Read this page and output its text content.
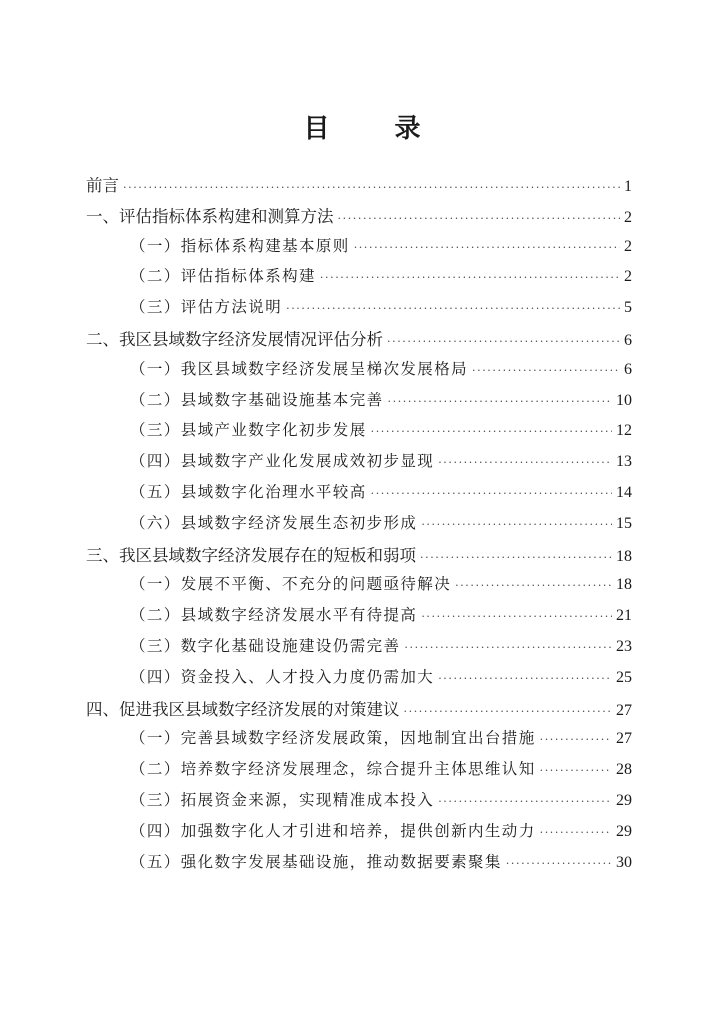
目 录
前言 ·····	1
一、评估指标体系构建和测算方法 ·····	2
（一）指标体系构建基本原则 ·····	2
（二）评估指标体系构建 ·····	2
（三）评估方法说明 ·····	5
二、我区县域数字经济发展情况评估分析 ·····	6
（一）我区县域数字经济发展呈梯次发展格局 ·····	6
（二）县域数字基础设施基本完善 ·····	10
（三）县域产业数字化初步发展 ·····	12
（四）县域数字产业化发展成效初步显现 ·····	13
（五）县域数字化治理水平较高 ·····	14
（六）县域数字经济发展生态初步形成 ·····	15
三、我区县域数字经济发展存在的短板和弱项 ·····	18
（一）发展不平衡、不充分的问题亟待解决 ·····	18
（二）县域数字经济发展水平有待提高 ·····	21
（三）数字化基础设施建设仍需完善 ·····	23
（四）资金投入、人才投入力度仍需加大 ·····	25
四、促进我区县域数字经济发展的对策建议 ·····	27
（一）完善县域数字经济发展政策，因地制宜出台措施 ·····	27
（二）培养数字经济发展理念，综合提升主体思维认知 ·····	28
（三）拓展资金来源，实现精准成本投入 ·····	29
（四）加强数字化人才引进和培养，提供创新内生动力 ·····	29
（五）强化数字发展基础设施，推动数据要素聚集 ·····	30
